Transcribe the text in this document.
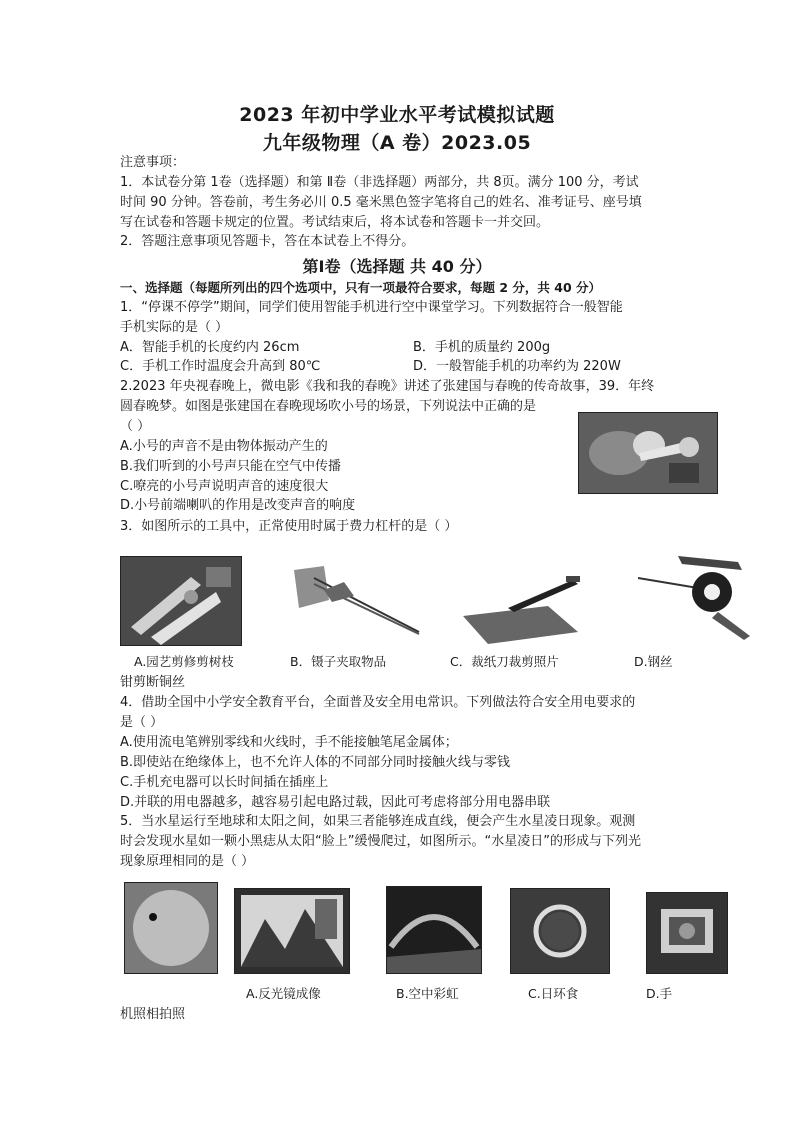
2023 年初中学业水平考试模拟试题
九年级物理（A 卷）2023.05
注意事项：
1．本试卷分第 1卷（选择题）和第 Ⅱ卷（非选择题）两部分，共 8页。满分 100 分，考试
时间 90 分钟。答卷前，考生务必川 0.5 毫米黑色签字笔将自己的姓名、准考证号、座号填
写在试卷和答题卡规定的位置。考试结束后，将本试卷和答题卡一并交回。
2．答题注意事项见答题卡，答在本试卷上不得分。
第Ⅰ卷（选择题 共 40 分）
一、选择题（每题所列出的四个选项中，只有一项最符合要求，每题 2 分，共 40 分）
1．“停课不停学”期间，同学们使用智能手机进行空中课堂学习。下列数据符合一般智能
手机实际的是（ ）
A．智能手机的长度约内 26cm	B．手机的质量约 200g
C．手机工作时温度会升高到 80℃	D．一般智能手机的功率约为 220W
2.2023 年央视春晚上，微电影《我和我的春晚》讲述了张建国与春晚的传奇故事，39．年终
圆春晚梦。如图是张建国在春晚现场吹小号的场景，下列说法中正确的是
（ ）
A.小号的声音不是由物体振动产生的
B.我们听到的小号声只能在空气中传播
C.嘹亮的小号声说明声音的速度很大
D.小号前端喇叭的作用是改变声音的响度
3．如图所示的工具中，正常使用时属于费力杠杆的是（ ）
A.园艺剪修剪树枝	B．镊子夹取物品	C．裁纸刀裁剪照片	D.钢丝
钳剪断铜丝
4．借助全国中小学安全教育平台，全面普及安全用电常识。下列做法符合安全用电要求的
是（ ）
A.使用流电笔辨别零线和火线时，手不能接触笔尾金属体；
B.即使站在绝缘体上，也不允许人体的不同部分同时接触火线与零钱
C.手机充电器可以长时间插在插座上
D.并联的用电器越多，越容易引起电路过载，因此可考虑将部分用电器串联
5．当水星运行至地球和太阳之间，如果三者能够连成直线，便会产生水星凌日现象。观测
时会发现水星如一颗小黑痣从太阳“脸上”缓慢爬过，如图所示。“水星凌日”的形成与下列光
现象原理相同的是（ ）
A.反光镜成像	B.空中彩虹	C.日环食	D.手
机照相拍照
